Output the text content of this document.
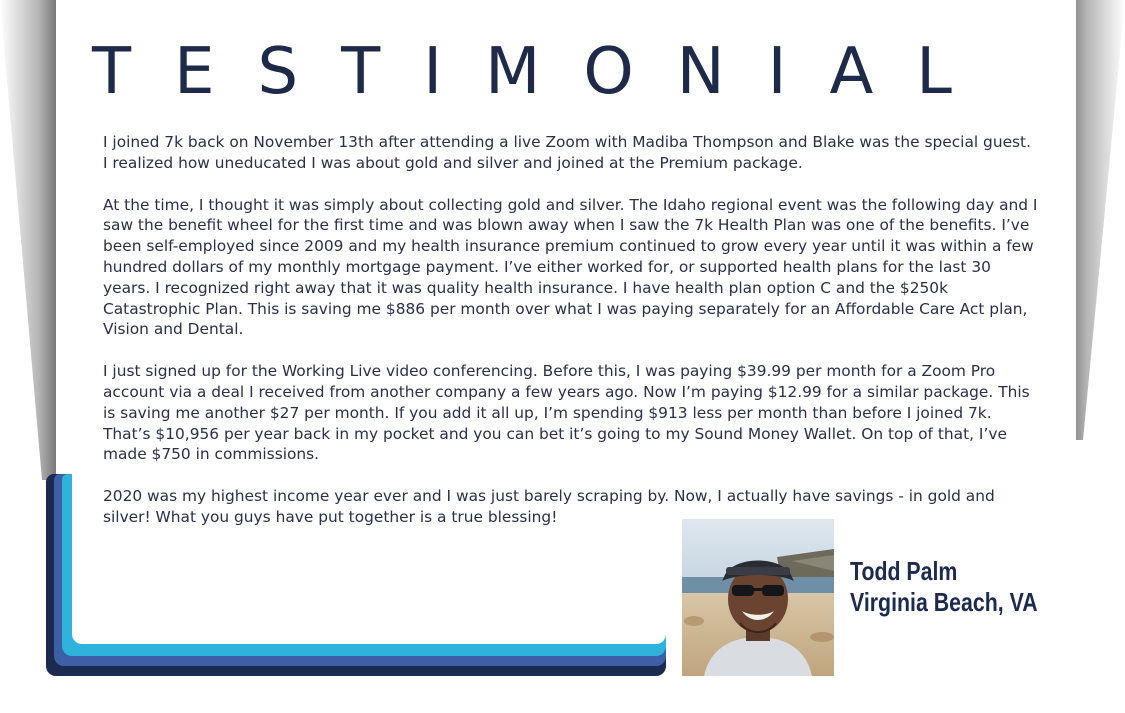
TESTIMONIAL

I joined 7k back on November 13th after attending a live Zoom with Madiba Thompson and Blake was the special guest. I realized how uneducated I was about gold and silver and joined at the Premium package.

At the time, I thought it was simply about collecting gold and silver. The Idaho regional event was the following day and I saw the benefit wheel for the first time and was blown away when I saw the 7k Health Plan was one of the benefits. I’ve been self-employed since 2009 and my health insurance premium continued to grow every year until it was within a few hundred dollars of my monthly mortgage payment. I’ve either worked for, or supported health plans for the last 30 years. I recognized right away that it was quality health insurance. I have health plan option C and the $250k Catastrophic Plan. This is saving me $886 per month over what I was paying separately for an Affordable Care Act plan, Vision and Dental.

I just signed up for the Working Live video conferencing. Before this, I was paying $39.99 per month for a Zoom Pro account via a deal I received from another company a few years ago. Now I’m paying $12.99 for a similar package. This is saving me another $27 per month. If you add it all up, I’m spending $913 less per month than before I joined 7k. That’s $10,956 per year back in my pocket and you can bet it’s going to my Sound Money Wallet. On top of that, I’ve made $750 in commissions.

2020 was my highest income year ever and I was just barely scraping by. Now, I actually have savings - in gold and silver! What you guys have put together is a true blessing!

Todd Palm
Virginia Beach, VA
